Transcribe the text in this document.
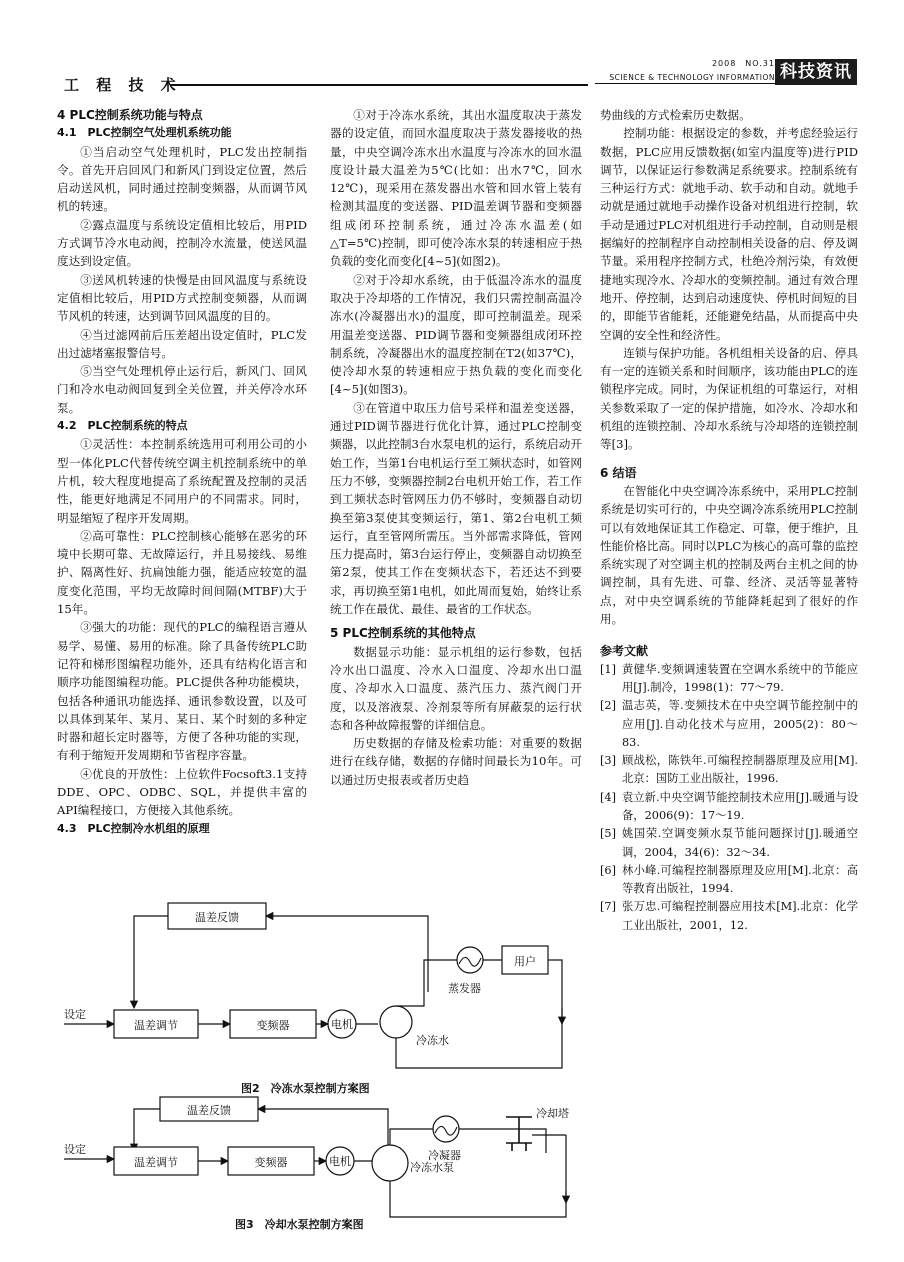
工 程 技 术
2008　NO.31
SCIENCE & TECHNOLOGY INFORMATION 科技资讯
4 PLC控制系统功能与特点
4.1　PLC控制空气处理机系统功能

①当启动空气处理机时，PLC发出控制指令。首先开启回风门和新风门到设定位置，然后启动送风机，同时通过控制变频器，从而调节风机的转速。

②露点温度与系统设定值相比较后，用PID方式调节冷水电动阀，控制冷水流量，使送风温度达到设定值。

③送风机转速的快慢是由回风温度与系统设定值相比较后，用PID方式控制变频器，从而调节风机的转速，达到调节回风温度的目的。

④当过滤网前后压差超出设定值时，PLC发出过滤堵塞报警信号。

⑤当空气处理机停止运行后，新风门、回风门和冷水电动阀回复到全关位置，并关停冷水环泵。

4.2　PLC控制系统的特点

①灵活性：本控制系统选用可利用公司的小型一体化PLC代替传统空调主机控制系统中的单片机，较大程度地提高了系统配置及控制的灵活性，能更好地满足不同用户的不同需求。同时，明显缩短了程序开发周期。

②高可靠性：PLC控制核心能够在恶劣的环境中长期可靠、无故障运行，并且易接线、易维护、隔离性好、抗扁蚀能力强，能适应较宽的温度变化范围，平均无故障时间间隔(MTBF)大于15年。

③强大的功能：现代的PLC的编程语言遵从易学、易懂、易用的标准。除了具备传统PLC助记符和梯形图编程功能外，还具有结构化语言和顺序功能图编程功能。PLC提供各种功能模块，包括各种通讯功能选择、通讯参数设置，以及可以具体到某年、某月、某日、某个时刻的多种定时器和超长定时器等，方便了各种功能的实现，有利于缩短开发周期和节省程序容量。

④优良的开放性：上位软件Focsoft3.1支持DDE、OPC、ODBC、SQL，并提供丰富的API编程接口，方便接入其他系统。

4.3　PLC控制冷水机组的原理

①对于冷冻水系统，其出水温度取决于蒸发器的设定值，而回水温度取决于蒸发器接收的热量，中央空调冷冻水出水温度与冷冻水的回水温度设计最大温差为5℃(比如：出水7℃，回水12℃)，现采用在蒸发器出水管和回水管上装有检测其温度的变送器、PID温差调节器和变频器组成闭环控制系统，通过冷冻水温差(如△T=5℃)控制，即可使冷冻水泵的转速相应于热负载的变化而变化[4~5](如图2)。

②对于冷却水系统，由于低温冷冻水的温度取决于冷却塔的工作情况，我们只需控制高温冷冻水(冷凝器出水)的温度，即可控制温差。现采用温差变送器、PID调节器和变频器组成闭环控制系统，冷凝器出水的温度控制在T2(如37℃)，使冷却水泵的转速相应于热负载的变化而变化[4~5](如图3)。

③在管道中取压力信号采样和温差变送器，通过PID调节器进行优化计算，通过PLC控制变频器，以此控制3台水泵电机的运行，系统启动开始工作，当第1台电机运行至工频状态时，如管网压力不够，变频器控制2台电机开始工作，若工作到工频状态时管网压力仍不够时，变频器自动切换至第3泵使其变频运行，第1、第2台电机工频运行，直至管网所需压。当外部需求降低，管网压力提高时，第3台运行停止，变频器自动切换至第2泵，使其工作在变频状态下，若还达不到要求，再切换至第1电机，如此周而复始，始终让系统工作在最优、最佳、最省的工作状态。

5 PLC控制系统的其他特点

数据显示功能：显示机组的运行参数，包括冷水出口温度、冷水入口温度、冷却水出口温度、冷却水入口温度、蒸汽压力、蒸汽阀门开度，以及溶液泵、冷剂泵等所有屏蔽泵的运行状态和各种故障报警的详细信息。

历史数据的存储及检索功能：对重要的数据进行在线存储，数据的存储时间最长为10年。可以通过历史报表或者历史趋

势曲线的方式检索历史数据。

控制功能：根据设定的参数，并考虑经验运行数据，PLC应用反馈数据(如室内温度等)进行PID调节，以保证运行参数满足系统要求。控制系统有三种运行方式：就地手动、软手动和自动。就地手动就是通过就地手动操作设备对机组进行控制，软手动是通过PLC对机组进行手动控制，自动则是根据编好的控制程序自动控制相关设备的启、停及调节量。采用程序控制方式，杜绝冷剂污染，有效便捷地实现冷水、冷却水的变频控制。通过有效合理地开、停控制，达到启动速度快、停机时间短的目的，即能节省能耗，还能避免结晶，从而提高中央空调的安全性和经济性。

连锁与保护功能。各机组相关设备的启、停具有一定的连锁关系和时间顺序，该功能由PLC的连锁程序完成。同时，为保证机组的可靠运行，对相关参数采取了一定的保护措施，如冷水、冷却水和机组的连锁控制、冷却水系统与冷却塔的连锁控制等[3]。

6 结语

在智能化中央空调冷冻系统中，采用PLC控制系统是切实可行的，中央空调冷冻系统用PLC控制可以有效地保证其工作稳定、可靠，便于维护，且性能价格比高。同时以PLC为核心的高可靠的监控系统实现了对空调主机的控制及两台主机之间的协调控制，具有先进、可靠、经济、灵活等显著特点，对中央空调系统的节能降耗起到了很好的作用。

参考文献
[1] 黄健华.变频调速装置在空调水系统中的节能应用[J].制冷，1998(1)：77～79.
[2] 温志英，等.变频技术在中央空调节能控制中的应用[J].自动化技术与应用，2005(2)：80～83.
[3] 顾战松，陈铁年.可编程控制器原理及应用[M].北京：国防工业出版社，1996.
[4] 袁立新.中央空调节能控制技术应用[J].暖通与设备，2006(9)：17～19.
[5] 姚国荣.空调变频水泵节能问题探讨[J].暖通空调，2004，34(6)：32～34.
[6] 林小峰.可编程控制器原理及应用[M].北京：高等教育出版社，1994.
[7] 张万忠.可编程控制器应用技术[M].北京：化学工业出版社，2001，12.
温差反馈
设定
温差调节	变频器	电机
冷冻水
蒸发器
用户
图2　冷冻水泵控制方案图
温差反馈
设定
温差调节	变频器	电机	冷冻水泵
冷凝器
冷却塔
图3　冷却水泵控制方案图
